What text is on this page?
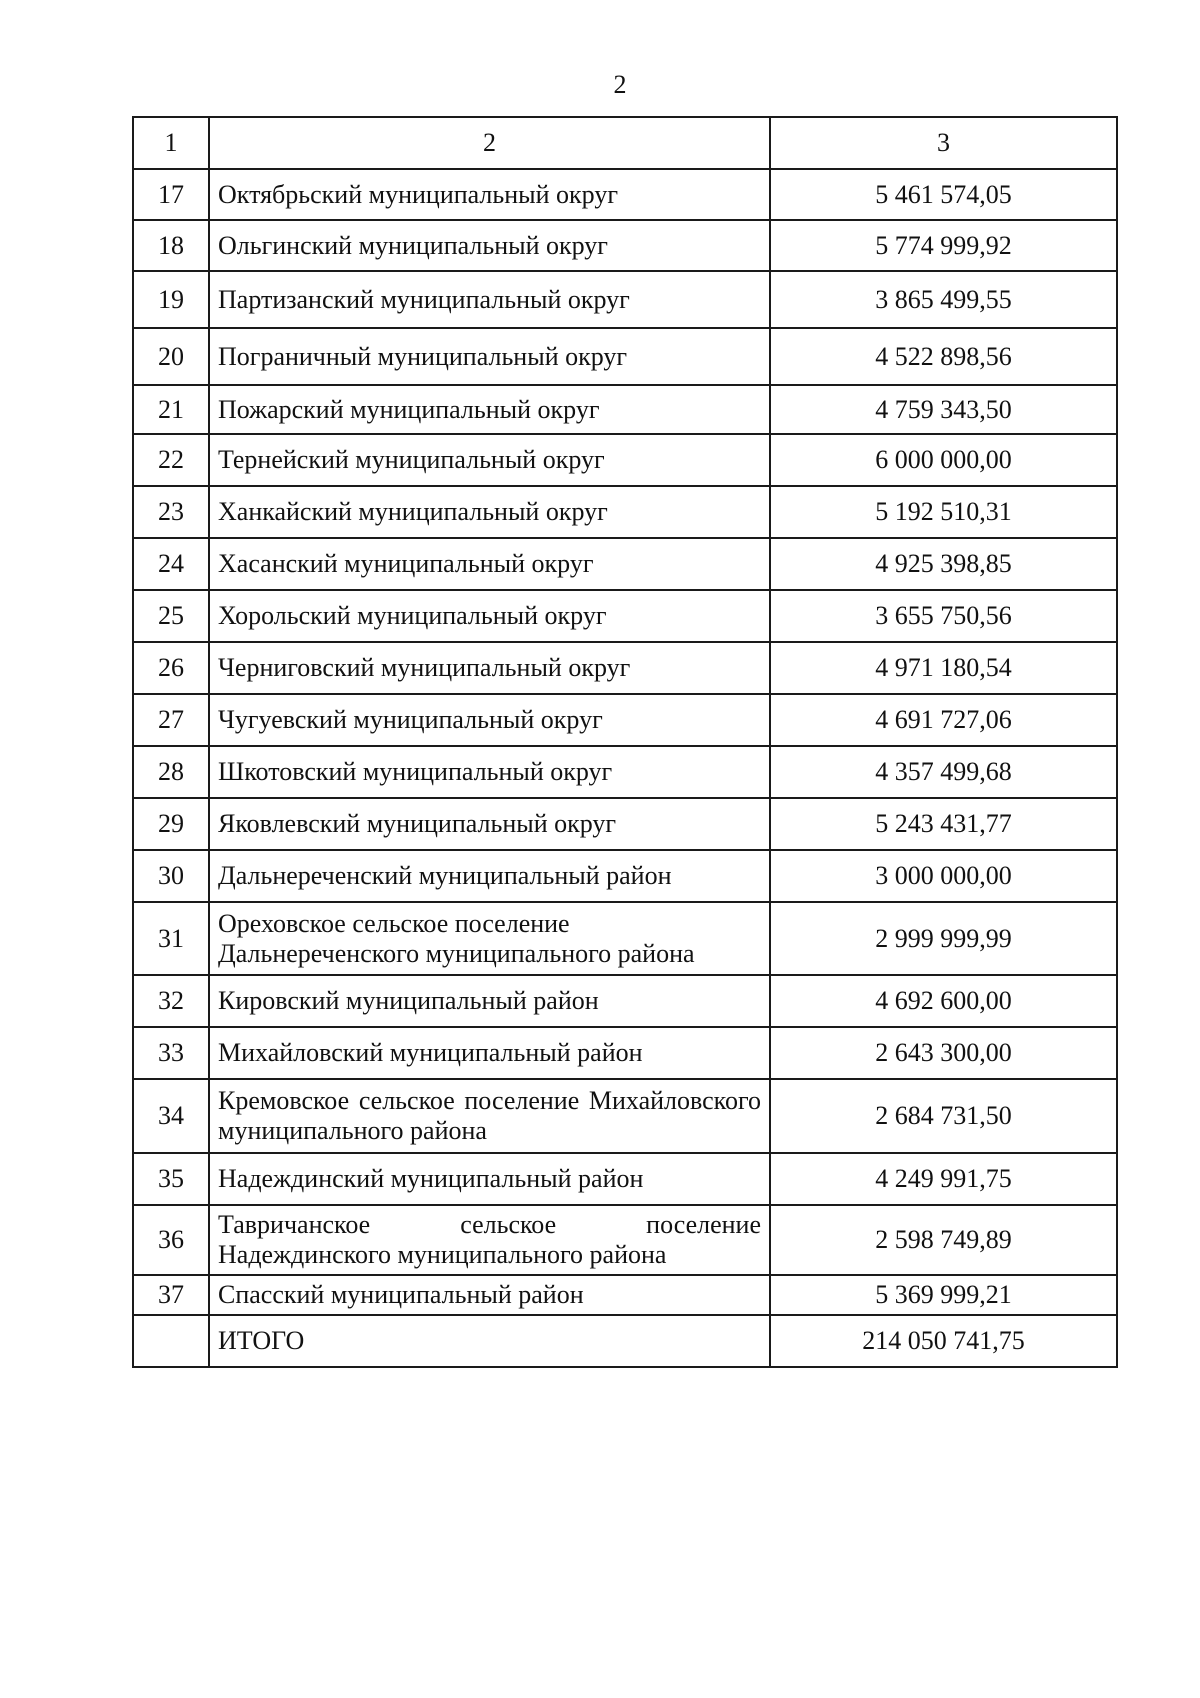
2
1	2	3
17	Октябрьский муниципальный округ	5 461 574,05
18	Ольгинский муниципальный округ	5 774 999,92
19	Партизанский муниципальный округ	3 865 499,55
20	Пограничный муниципальный округ	4 522 898,56
21	Пожарский муниципальный округ	4 759 343,50
22	Тернейский муниципальный округ	6 000 000,00
23	Ханкайский муниципальный округ	5 192 510,31
24	Хасанский муниципальный округ	4 925 398,85
25	Хорольский муниципальный округ	3 655 750,56
26	Черниговский муниципальный округ	4 971 180,54
27	Чугуевский муниципальный округ	4 691 727,06
28	Шкотовский муниципальный округ	4 357 499,68
29	Яковлевский муниципальный округ	5 243 431,77
30	Дальнереченский муниципальный район	3 000 000,00
31	Ореховское сельское поселение Дальнереченского муниципального района	2 999 999,99
32	Кировский муниципальный район	4 692 600,00
33	Михайловский муниципальный район	2 643 300,00
34	Кремовское сельское поселение Михайловского муниципального района	2 684 731,50
35	Надеждинский муниципальный район	4 249 991,75
36	Тавричанское сельское поселение Надеждинского муниципального района	2 598 749,89
37	Спасский муниципальный район	5 369 999,21
	ИТОГО	214 050 741,75
